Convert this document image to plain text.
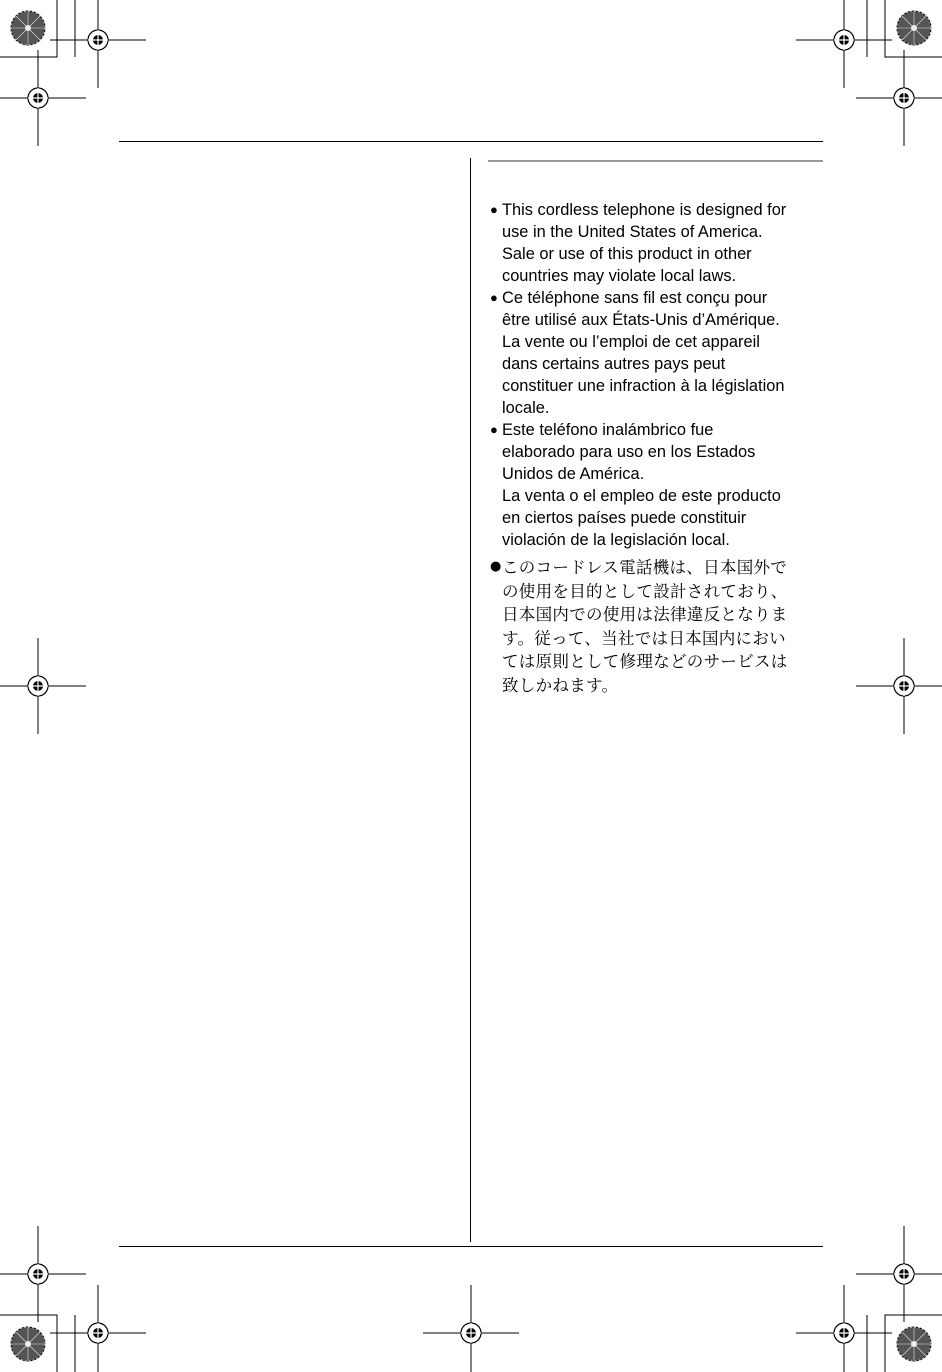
● This cordless telephone is designed for
use in the United States of America.
Sale or use of this product in other
countries may violate local laws.

● Ce téléphone sans fil est conçu pour
être utilisé aux États-Unis d’Amérique.
La vente ou l’emploi de cet appareil
dans certains autres pays peut
constituer une infraction à la législation
locale.

● Este teléfono inalámbrico fue
elaborado para uso en los Estados
Unidos de América.

La venta o el empleo de este producto
en ciertos países puede constituir
violación de la legislación local.

● このコードレス電話機は、日本国外で
の使用を目的として設計されており、
日本国内での使用は法律違反となりま
す。従って、当社では日本国内におい
ては原則として修理などのサービスは
致しかねます。
